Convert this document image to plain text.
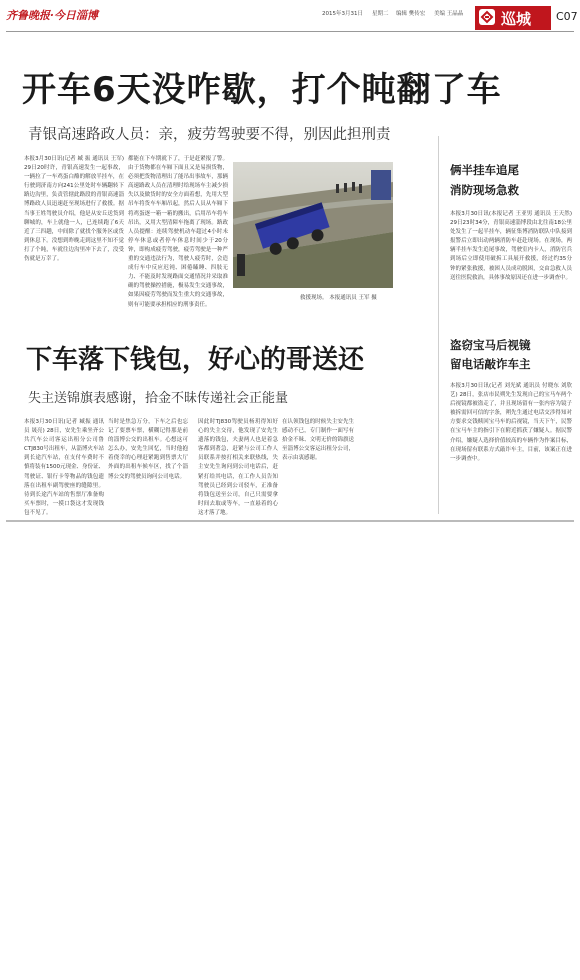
齐鲁晚报·今日淄博	2015年3月31日 星期二 编辑 樊传宏 美编 王晶晶	巡城 C07
开车6天没咋歇，打个盹翻了车
青银高速路政人员：亲，疲劳驾驶要不得，别因此担刑责
本报3月30日讯(记者 臧 振 通讯员 王军) 29日20时许，青银高速发生一起事故，一辆拉了一车鸡蛋白酪的解放半挂车，在行驶到济南方向241公里处时车辆翻转下路边沟里，负责管辖此路段的青银高速淄博路政人员迅速赶至现场进行了救援。据当事王姓驾驶员介绍，他是从安丘送货到聊城的，车上就他一人，已连续跑了6天近了三四趟，中间除了就找个服务区或货到休息下。没想到昨晚走到这里不知不觉打了个盹，车就往边沟里冲下去了，没受伤就是万幸了。
都能在下车期就下了，于是赶紧报了警。由于货物都在车厢下面且又是易损货物，必须把货物清理出了能吊出事故车，那辆高速路政人员在清理时给现场车主减少损失以及做货时的安全方面着想，先用大型吊车将货车车厢吊起，然后人员从车厢下将鸡蛋逐一箱一箱的搬出，后用吊车将车吊出，又用大型清障车拖离了现场。路政人员提醒：连续驾驶机动车超过4小时未停车休息或者停车休息时间少于20分钟，即构成疲劳驾驶，疲劳驾驶是一种严重的交通违法行为，驾驶人疲劳时，会造成行车中反应迟钝、困倦瞌睡、四肢无力、不能及时发现路面交通情况并采取准确的驾驶操控措施，极易发生交通事故，如果因疲劳驾驶而发生重大的交通事故，则有可能要承担相应的刑事责任。
救援现场。 本报通讯员 王军 摄
下车落下钱包，好心的哥送还
失主送锦旗表感谢，拾金不昧传递社会正能量
本报3月30日讯(记者 臧振 通讯员 晟亮) 28日，安先生乘坐齐公共汽车公司客运出租分公司鲁CTJ830号出租车，从淄博火车站到长途汽车站，在支付车费时不慎将装有1500元现金、身份证、驾驶证、银行卡等物品的钱包遗落在出租车副驾驶座的缝隙里。待到长途汽车站的售票厅准备购买车票时，一摸口袋这才发现钱包不见了。
当时是焦急万分，下车之后也忘记了要票车票，横糊记得那是前的淄博公交的出租车。心想这可怎么办，安先生回忆，当时他抱着侥幸的心理赶紧跑到售票大厅外面的出租车候车区，找了个淄博公交的驾驶员询问公司电话。
因此时TJ830驾驶员杨玥得知好心的失主交待，他发现了安先生遗落的钱包，夫妻两人也是着急客都到著急，赶紧与公司工作人员联系并按打相关来联热线，失主安先生询问到公司电话后，赶紧打给其电话，在工作人员告知驾驶员已经到公司驳车，正准备将钱包送至公司，自己只需要拿时间去取或等车，一直悬着的心这才落了地。
在认领钱包的时候失主安先生感动不已，专门制作一面写有拾金不昧、文明无价的锦旗送至淄博公交客运出租分公司，表示由衷感谢。
俩半挂车追尾
消防现场急救
本报3月30日讯(本报记者 王亚男 通讯员 王天然) 29日23时34分，青银高速淄博段由北往南18公里处发生了一起半挂车，辆征集博消防联队中队接到报警后立即出动两辆消防车赶赴现场。在现场，两辆半挂车发生追尾事故，驾驶室内卡人，消防官兵到场后立即使用破拆工具展开救援，经过约35分钟的紧张救援，被困人员成功脱困，交由急救人员送往医院救治，具体事故原因还在进一步调查中。
盗窃宝马后视镜
留电话敲诈车主
本报3月30日讯(记者 刘光斌 通讯员 付晓东 刘欣艺) 28日，张店市民朔先生发现自己的宝马车两个后视镜都被盗走了，并且现场留有一张内容为镜子被拆需回可信的字条，朔先生通过电话交涉得知对方要求交钱赎回宝马车的后视镜，当天下午，民警在宝马车主的指引下在附近抓获了嫌疑人。据民警介绍，嫌疑人选择价值较高的车辆作为作案目标，在现场留有联系方式敲诈车主，目前，该案正在进一步调查中。
